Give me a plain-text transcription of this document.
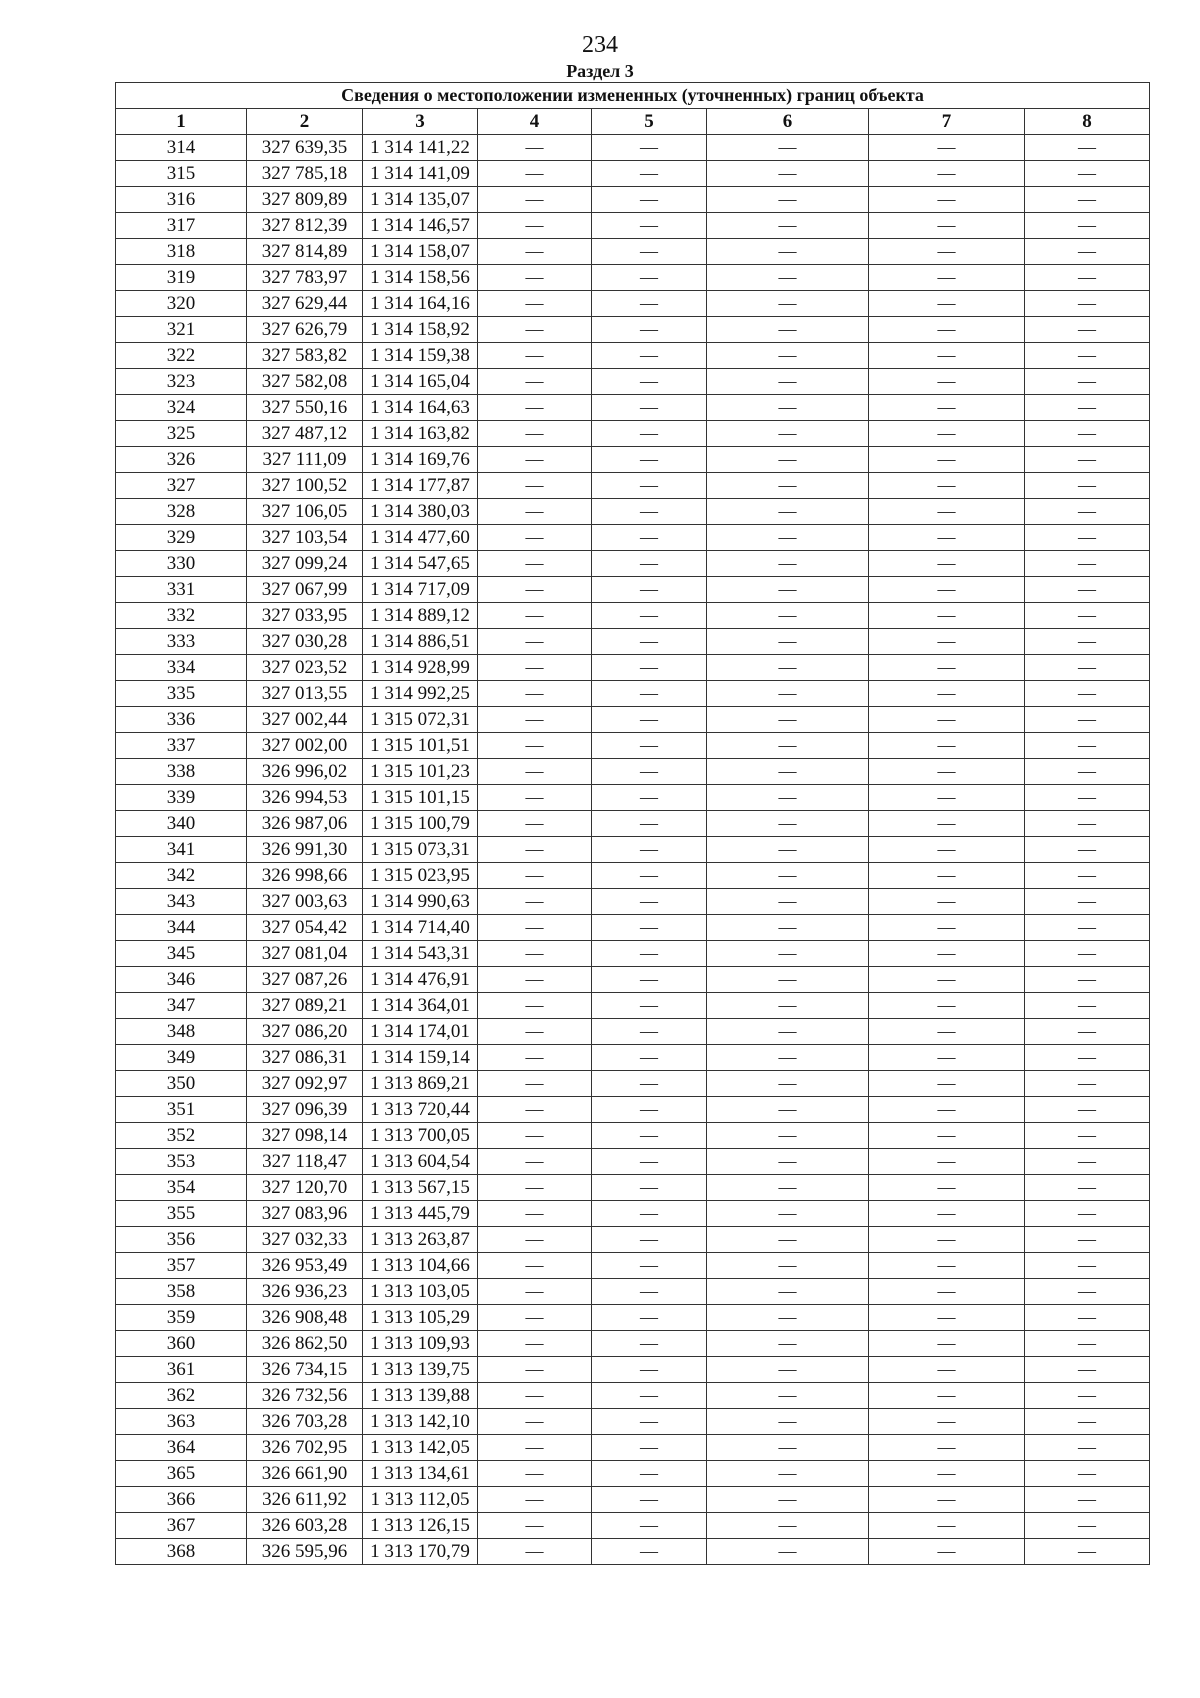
234
Раздел 3
Сведения о местоположении измененных (уточненных) границ объекта							
1	2	3	4	5	6	7	8
314	327 639,35	1 314 141,22	—	—	—	—	—
315	327 785,18	1 314 141,09	—	—	—	—	—
316	327 809,89	1 314 135,07	—	—	—	—	—
317	327 812,39	1 314 146,57	—	—	—	—	—
318	327 814,89	1 314 158,07	—	—	—	—	—
319	327 783,97	1 314 158,56	—	—	—	—	—
320	327 629,44	1 314 164,16	—	—	—	—	—
321	327 626,79	1 314 158,92	—	—	—	—	—
322	327 583,82	1 314 159,38	—	—	—	—	—
323	327 582,08	1 314 165,04	—	—	—	—	—
324	327 550,16	1 314 164,63	—	—	—	—	—
325	327 487,12	1 314 163,82	—	—	—	—	—
326	327 111,09	1 314 169,76	—	—	—	—	—
327	327 100,52	1 314 177,87	—	—	—	—	—
328	327 106,05	1 314 380,03	—	—	—	—	—
329	327 103,54	1 314 477,60	—	—	—	—	—
330	327 099,24	1 314 547,65	—	—	—	—	—
331	327 067,99	1 314 717,09	—	—	—	—	—
332	327 033,95	1 314 889,12	—	—	—	—	—
333	327 030,28	1 314 886,51	—	—	—	—	—
334	327 023,52	1 314 928,99	—	—	—	—	—
335	327 013,55	1 314 992,25	—	—	—	—	—
336	327 002,44	1 315 072,31	—	—	—	—	—
337	327 002,00	1 315 101,51	—	—	—	—	—
338	326 996,02	1 315 101,23	—	—	—	—	—
339	326 994,53	1 315 101,15	—	—	—	—	—
340	326 987,06	1 315 100,79	—	—	—	—	—
341	326 991,30	1 315 073,31	—	—	—	—	—
342	326 998,66	1 315 023,95	—	—	—	—	—
343	327 003,63	1 314 990,63	—	—	—	—	—
344	327 054,42	1 314 714,40	—	—	—	—	—
345	327 081,04	1 314 543,31	—	—	—	—	—
346	327 087,26	1 314 476,91	—	—	—	—	—
347	327 089,21	1 314 364,01	—	—	—	—	—
348	327 086,20	1 314 174,01	—	—	—	—	—
349	327 086,31	1 314 159,14	—	—	—	—	—
350	327 092,97	1 313 869,21	—	—	—	—	—
351	327 096,39	1 313 720,44	—	—	—	—	—
352	327 098,14	1 313 700,05	—	—	—	—	—
353	327 118,47	1 313 604,54	—	—	—	—	—
354	327 120,70	1 313 567,15	—	—	—	—	—
355	327 083,96	1 313 445,79	—	—	—	—	—
356	327 032,33	1 313 263,87	—	—	—	—	—
357	326 953,49	1 313 104,66	—	—	—	—	—
358	326 936,23	1 313 103,05	—	—	—	—	—
359	326 908,48	1 313 105,29	—	—	—	—	—
360	326 862,50	1 313 109,93	—	—	—	—	—
361	326 734,15	1 313 139,75	—	—	—	—	—
362	326 732,56	1 313 139,88	—	—	—	—	—
363	326 703,28	1 313 142,10	—	—	—	—	—
364	326 702,95	1 313 142,05	—	—	—	—	—
365	326 661,90	1 313 134,61	—	—	—	—	—
366	326 611,92	1 313 112,05	—	—	—	—	—
367	326 603,28	1 313 126,15	—	—	—	—	—
368	326 595,96	1 313 170,79	—	—	—	—	—
